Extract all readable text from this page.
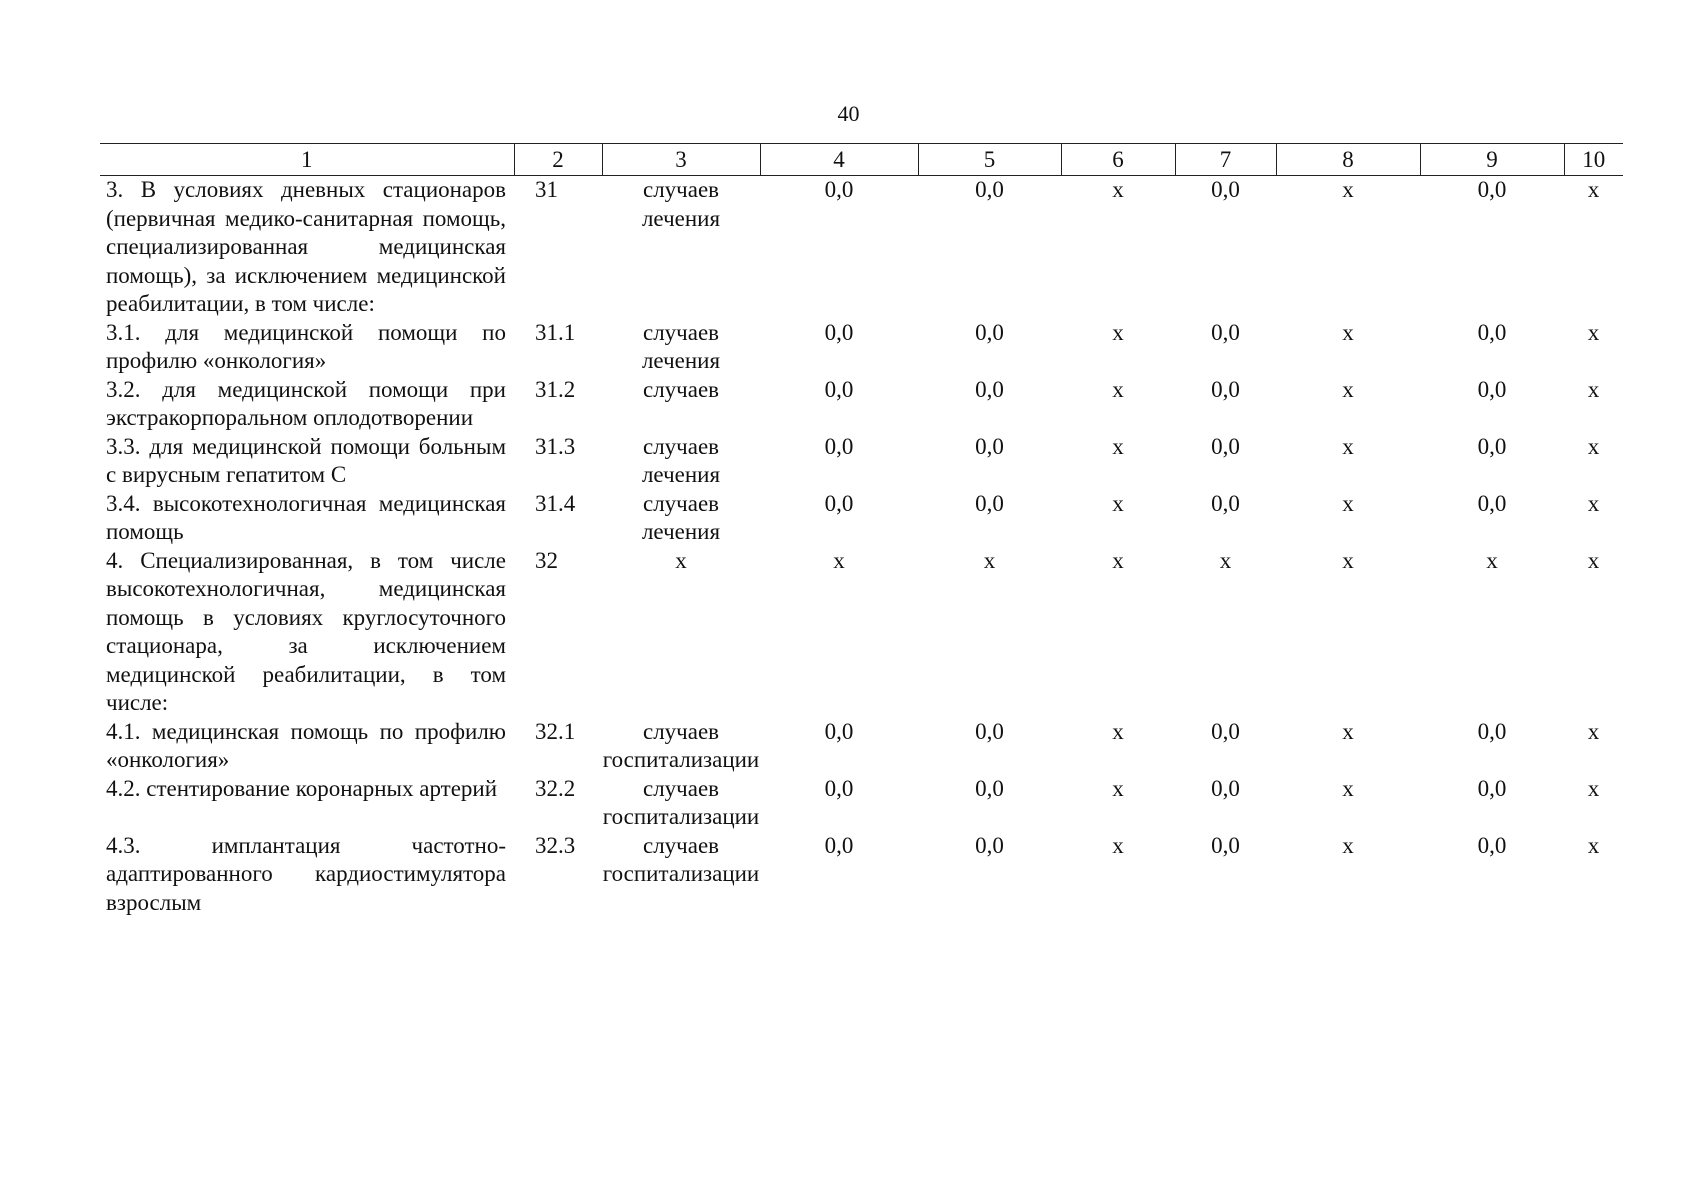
40
1	2	3	4	5	6	7	8	9	10
3. В условиях дневных стационаров (первичная медико-санитарная помощь, специализированная медицинская помощь), за исключением медицинской реабилитации, в том числе:	31	случаев лечения	0,0	0,0	x	0,0	x	0,0	x
3.1. для медицинской помощи по профилю «онкология»	31.1	случаев лечения	0,0	0,0	x	0,0	x	0,0	x
3.2. для медицинской помощи при экстракорпоральном оплодотворении	31.2	случаев	0,0	0,0	x	0,0	x	0,0	x
3.3. для медицинской помощи больным с вирусным гепатитом С	31.3	случаев лечения	0,0	0,0	x	0,0	x	0,0	x
3.4. высокотехнологичная медицинская помощь	31.4	случаев лечения	0,0	0,0	x	0,0	x	0,0	x
4. Специализированная, в том числе высокотехнологичная, медицинская помощь в условиях круглосуточного стационара, за исключением медицинской реабилитации, в том числе:	32	x	x	x	x	x	x	x	x
4.1. медицинская помощь по профилю «онкология»	32.1	случаев госпитализации	0,0	0,0	x	0,0	x	0,0	x
4.2. стентирование коронарных артерий	32.2	случаев госпитализации	0,0	0,0	x	0,0	x	0,0	x
4.3. имплантация частотно-адаптированного кардиостимулятора взрослым	32.3	случаев госпитализации	0,0	0,0	x	0,0	x	0,0	x
